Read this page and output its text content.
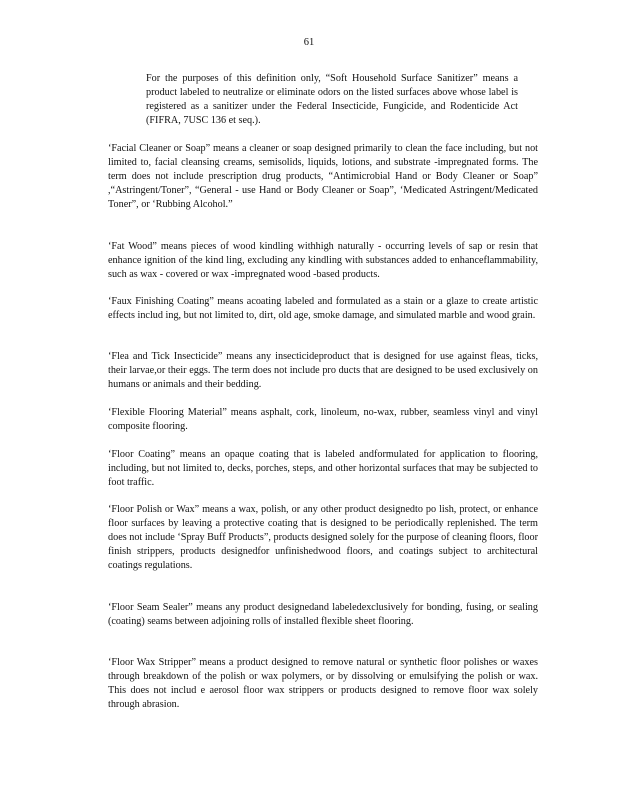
61

For the purposes of this definition only, “Soft Household Surface Sanitizer” means a product labeled to neutralize or eliminate odors on the listed surfaces above whose label is registered as a sanitizer under the Federal Insecticide, Fungicide, and Rodenticide Act (FIFRA, 7USC 136 et seq.).

‘Facial Cleaner or Soap” means a cleaner or soap designed primarily to clean the face including, but not limited to, facial cleansing creams, semisolids, liquids, lotions, and substrate -impregnated forms. The term does not include prescription drug products, “Antimicrobial Hand or Body Cleaner or Soap” ,“Astringent/Toner”, “General - use Hand or Body Cleaner or Soap”, ‘Medicated Astringent/Medicated Toner”, or ‘Rubbing Alcohol.”

‘Fat Wood” means pieces of wood kindling withhigh naturally - occurring levels of sap or resin that enhance ignition of the kind ling, excluding any kindling with substances added to enhanceflammability, such as wax - covered or wax -impregnated wood -based products.

‘Faux Finishing Coating” means acoating labeled and formulated as a stain or a glaze to create artistic effects includ ing, but not limited to, dirt, old age, smoke damage, and simulated marble and wood grain.

‘Flea and Tick Insecticide” means any insecticideproduct that is designed for use against fleas, ticks, their larvae,or their eggs. The term does not include pro ducts that are designed to be used exclusively on humans or animals and their bedding.

‘Flexible Flooring Material” means asphalt, cork, linoleum, no-wax, rubber, seamless vinyl and vinyl composite flooring.

‘Floor Coating” means an opaque coating that is labeled andformulated for application to flooring, including, but not limited to, decks, porches, steps, and other horizontal surfaces that may be subjected to foot traffic.

‘Floor Polish or Wax” means a wax, polish, or any other product designedto po lish, protect, or enhance floor surfaces by leaving a protective coating that is designed to be periodically replenished. The term does not include ‘Spray Buff Products”, products designed solely for the purpose of cleaning floors, floor finish strippers, products designedfor unfinishedwood floors, and coatings subject to architectural coatings regulations.

‘Floor Seam Sealer” means any product designedand labeledexclusively for bonding, fusing, or sealing (coating) seams between adjoining rolls of installed flexible sheet flooring.

‘Floor Wax Stripper” means a product designed to remove natural or synthetic floor polishes or waxes through breakdown of the polish or wax polymers, or by dissolving or emulsifying the polish or wax. This does not includ e aerosol floor wax strippers or products designed to remove floor wax solely through abrasion.
